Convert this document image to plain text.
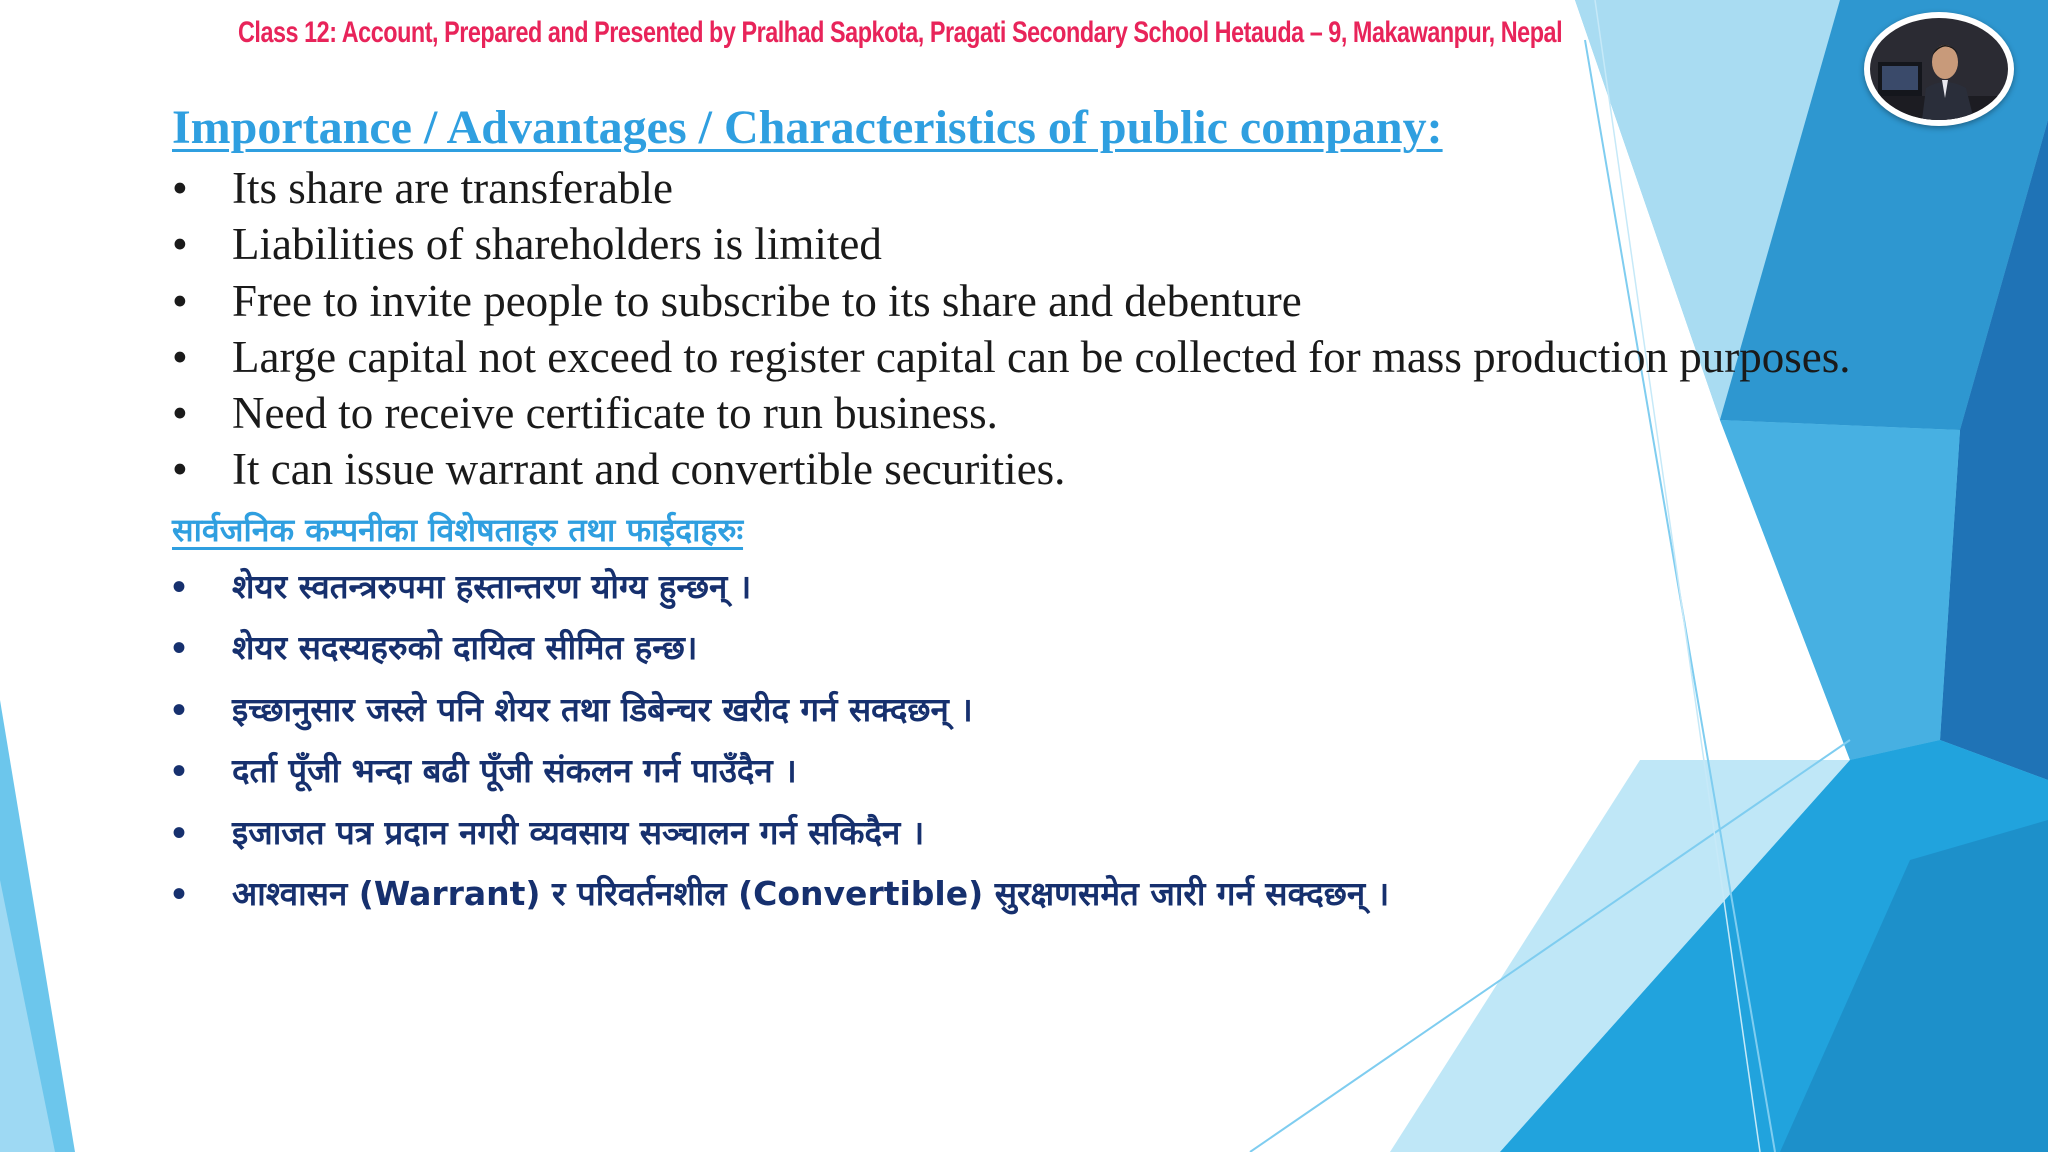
Class 12: Account, Prepared and Presented by Pralhad Sapkota, Pragati Secondary School Hetauda – 9, Makawanpur, Nepal
Importance / Advantages / Characteristics of public company:
• Its share are transferable
• Liabilities of shareholders is limited
• Free to invite people to subscribe to its share and debenture
• Large capital not exceed to register capital can be collected for mass production purposes.
• Need to receive certificate to run business.
• It can issue warrant and convertible securities.
सार्वजनिक कम्पनीका विशेषताहरु तथा फाईदाहरुः
• शेयर स्वतन्त्ररुपमा हस्तान्तरण योग्य हुन्छन् ।
• शेयर सदस्यहरुको दायित्व सीमित हन्छ।
• इच्छानुसार जस्ले पनि शेयर तथा डिबेन्चर खरीद गर्न सक्दछन् ।
• दर्ता पूँजी भन्दा बढी पूँजी संकलन गर्न पाउँदैन ।
• इजाजत पत्र प्रदान नगरी व्यवसाय सञ्चालन गर्न सकिदैन ।
• आश्वासन (Warrant) र परिवर्तनशील (Convertible) सुरक्षणसमेत जारी गर्न सक्दछन् ।
